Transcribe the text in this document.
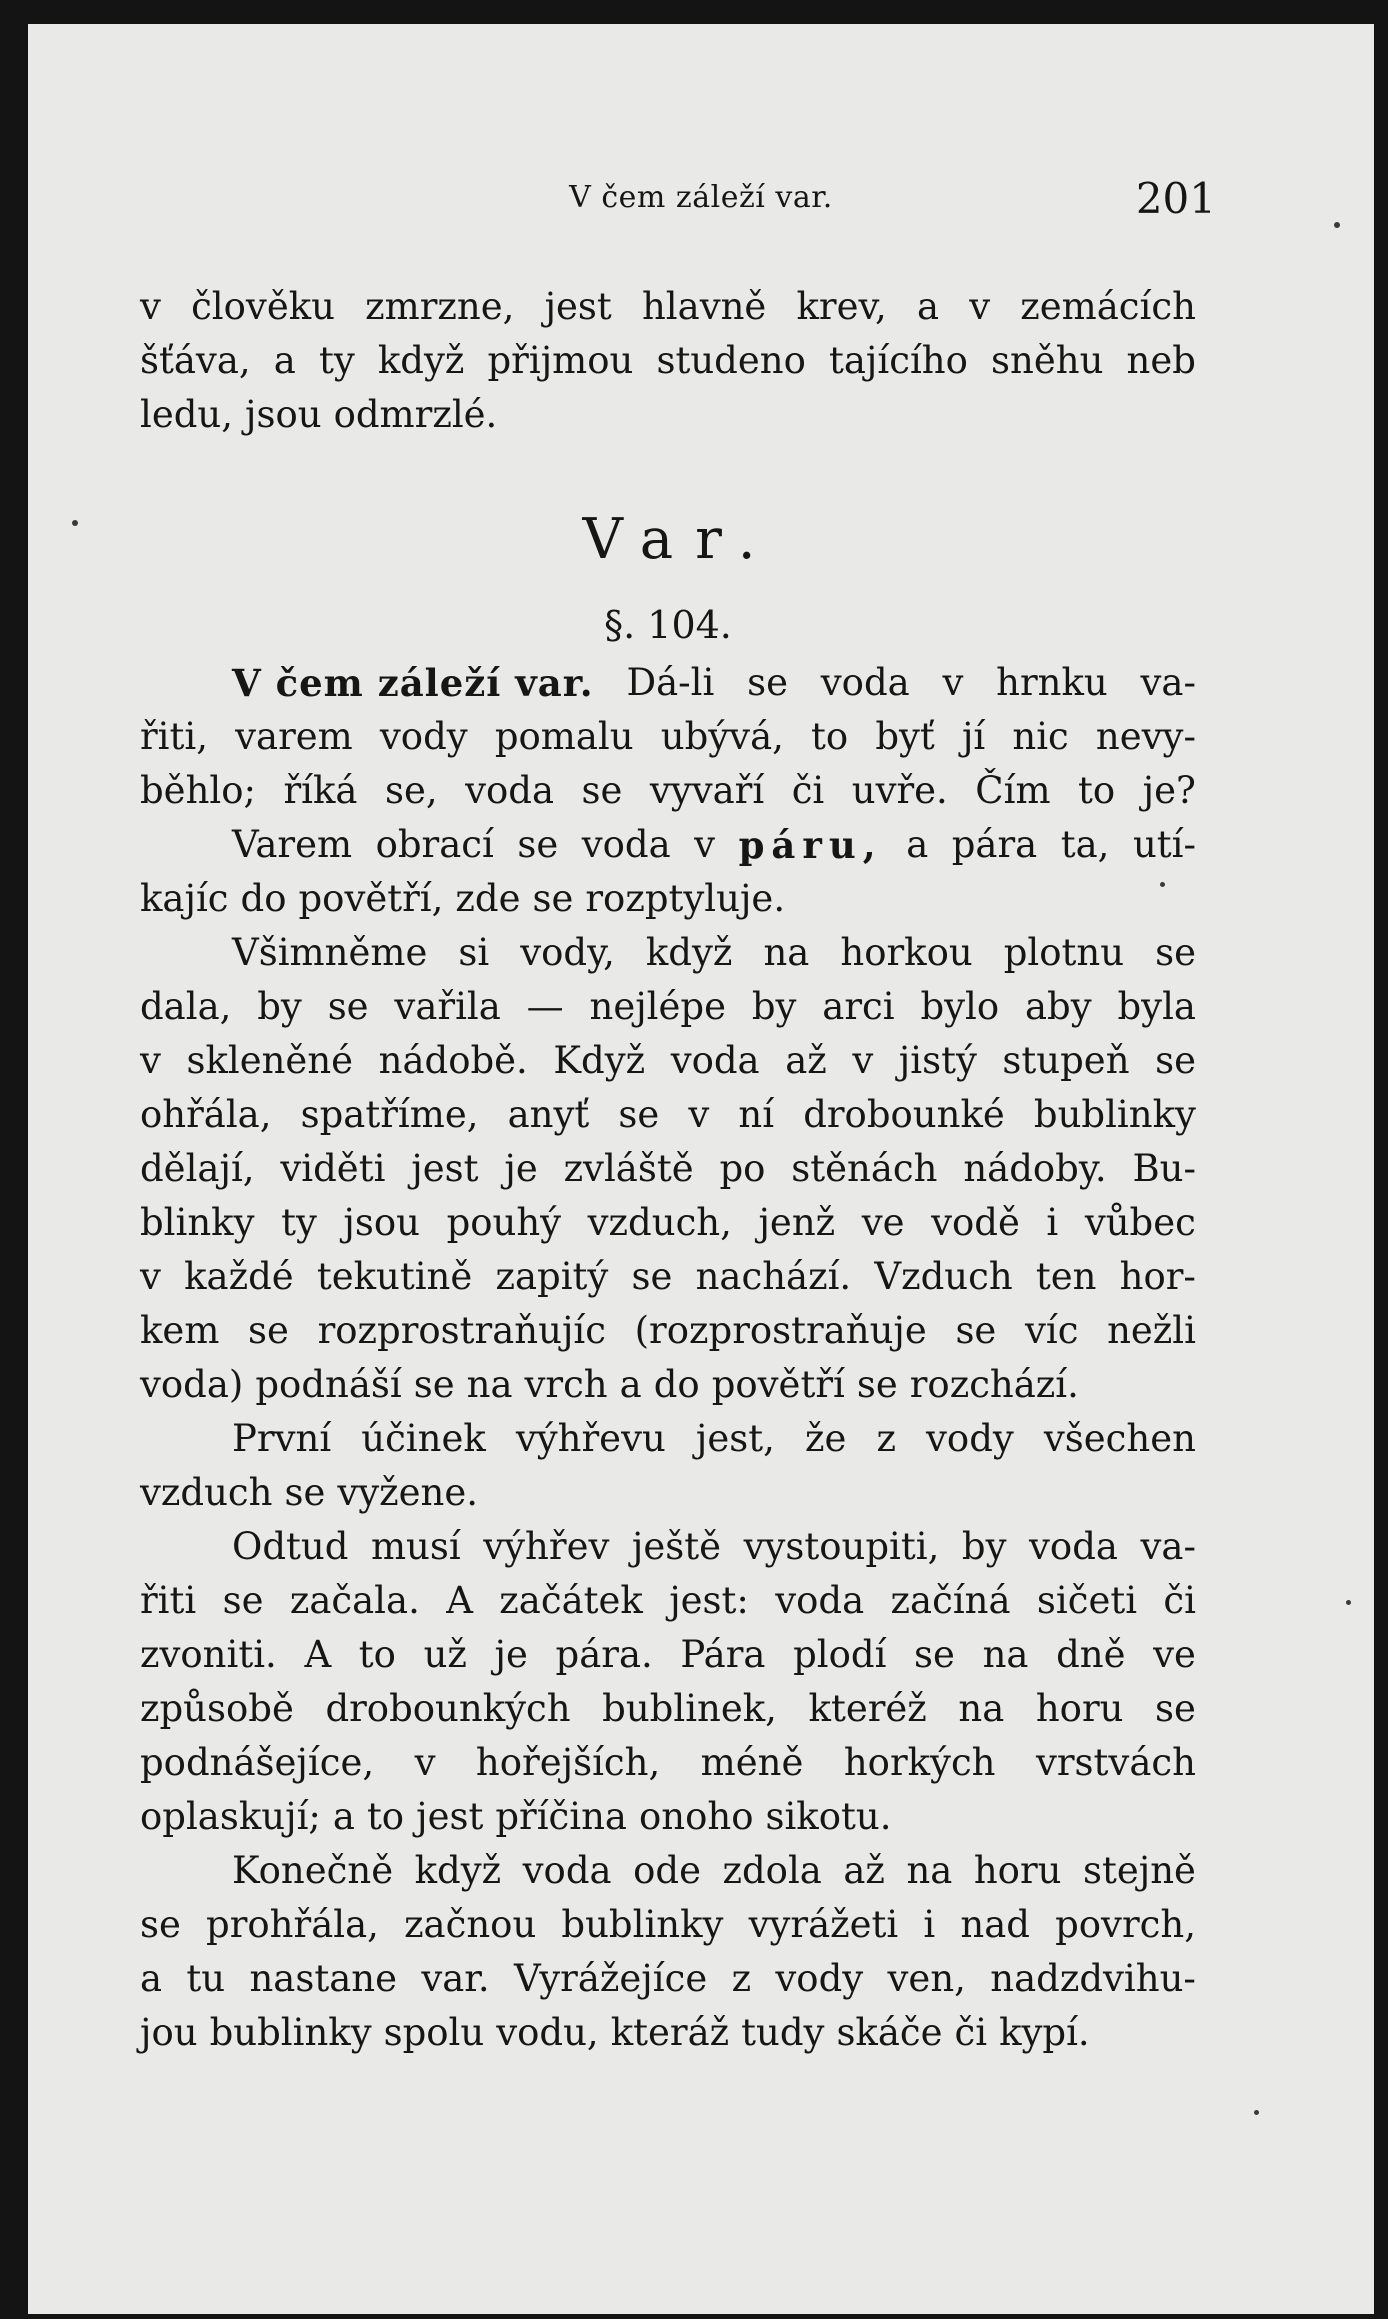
V čem záleží var.	201
v člověku zmrzne, jest hlavně krev, a v zemácích
šťáva, a ty když přijmou studeno tajícího sněhu neb
ledu, jsou odmrzlé.
Var.
§. 104.
V čem záleží var. Dá-li se voda v hrnku va-
řiti, varem vody pomalu ubývá, to byť jí nic nevy-
běhlo; říká se, voda se vyvaří či uvře. Čím to je?
Varem obrací se voda v páru, a pára ta, utí-
kajíc do povětří, zde se rozptyluje.
Všimněme si vody, když na horkou plotnu se
dala, by se vařila — nejlépe by arci bylo aby byla
v skleněné nádobě. Když voda až v jistý stupeň se
ohřála, spatříme, anyť se v ní drobounké bublinky
dělají, viděti jest je zvláště po stěnách nádoby. Bu-
blinky ty jsou pouhý vzduch, jenž ve vodě i vůbec
v každé tekutině zapitý se nachází. Vzduch ten hor-
kem se rozprostraňujíc (rozprostraňuje se víc nežli
voda) podnáší se na vrch a do povětří se rozchází.
První účinek výhřevu jest, že z vody všechen
vzduch se vyžene.
Odtud musí výhřev ještě vystoupiti, by voda va-
řiti se začala. A začátek jest: voda začíná sičeti či
zvoniti. A to už je pára. Pára plodí se na dně ve
způsobě drobounkých bublinek, kteréž na horu se
podnášejíce, v hořejších, méně horkých vrstvách
oplaskují; a to jest příčina onoho sikotu.
Konečně když voda ode zdola až na horu stejně
se prohřála, začnou bublinky vyrážeti i nad povrch,
a tu nastane var. Vyrážejíce z vody ven, nadzdvihu-
jou bublinky spolu vodu, kteráž tudy skáče či kypí.
